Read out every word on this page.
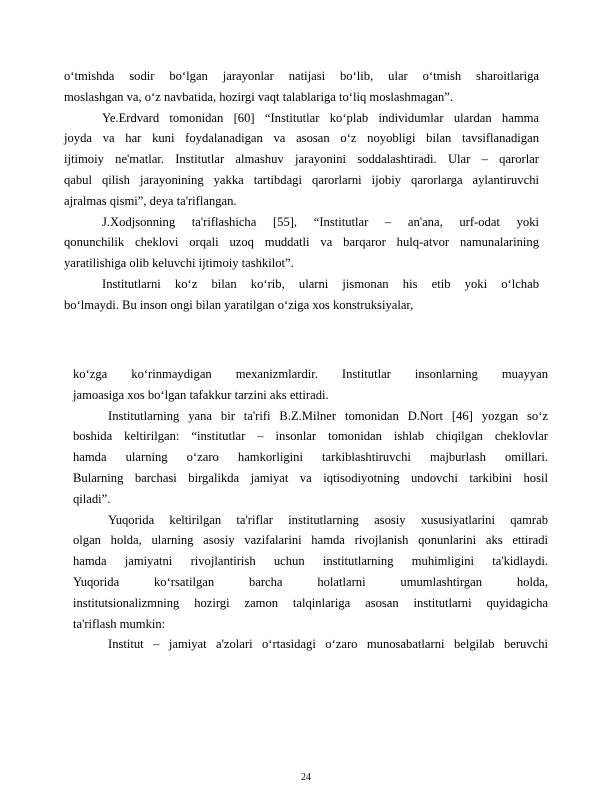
o‘tmishda sodir bo‘lgan jarayonlar natijasi bo‘lib, ular o‘tmish sharoitlariga
moslashgan va, o‘z navbatida, hozirgi vaqt talablariga to‘liq moslashmagan”.
Ye.Erdvard tomonidan [60] “Institutlar ko‘plab individumlar ulardan hamma
joyda va har kuni foydalanadigan va asosan o‘z noyobligi bilan tavsiflanadigan
ijtimoiy ne'matlar. Institutlar almashuv jarayonini soddalashtiradi. Ular – qarorlar
qabul qilish jarayonining yakka tartibdagi qarorlarni ijobiy qarorlarga aylantiruvchi
ajralmas qismi”, deya ta'riflangan.
J.Xodjsonning ta'riflashicha [55], “Institutlar – an'ana, urf-odat yoki
qonunchilik cheklovi orqali uzoq muddatli va barqaror hulq-atvor namunalarining
yaratilishiga olib keluvchi ijtimoiy tashkilot”.
Institutlarni ko‘z bilan ko‘rib, ularni jismonan his etib yoki o‘lchab
bo‘lmaydi. Bu inson ongi bilan yaratilgan o‘ziga xos konstruksiyalar,
ko‘zga ko‘rinmaydigan mexanizmlardir. Institutlar insonlarning muayyan
jamoasiga xos bo‘lgan tafakkur tarzini aks ettiradi.
Institutlarning yana bir ta'rifi B.Z.Milner tomonidan D.Nort [46] yozgan so‘z
boshida keltirilgan: “institutlar – insonlar tomonidan ishlab chiqilgan cheklovlar
hamda ularning o‘zaro hamkorligini tarkiblashtiruvchi majburlash omillari.
Bularning barchasi birgalikda jamiyat va iqtisodiyotning undovchi tarkibini hosil
qiladi”.
Yuqorida keltirilgan ta'riflar institutlarning asosiy xususiyatlarini qamrab
olgan holda, ularning asosiy vazifalarini hamda rivojlanish qonunlarini aks ettiradi
hamda jamiyatni rivojlantirish uchun institutlarning muhimligini ta'kidlaydi.
Yuqorida ko‘rsatilgan barcha holatlarni umumlashtirgan holda,
institutsionalizmning hozirgi zamon talqinlariga asosan institutlarni quyidagicha
ta'riflash mumkin:
Institut – jamiyat a'zolari o‘rtasidagi o‘zaro munosabatlarni belgilab beruvchi
24
